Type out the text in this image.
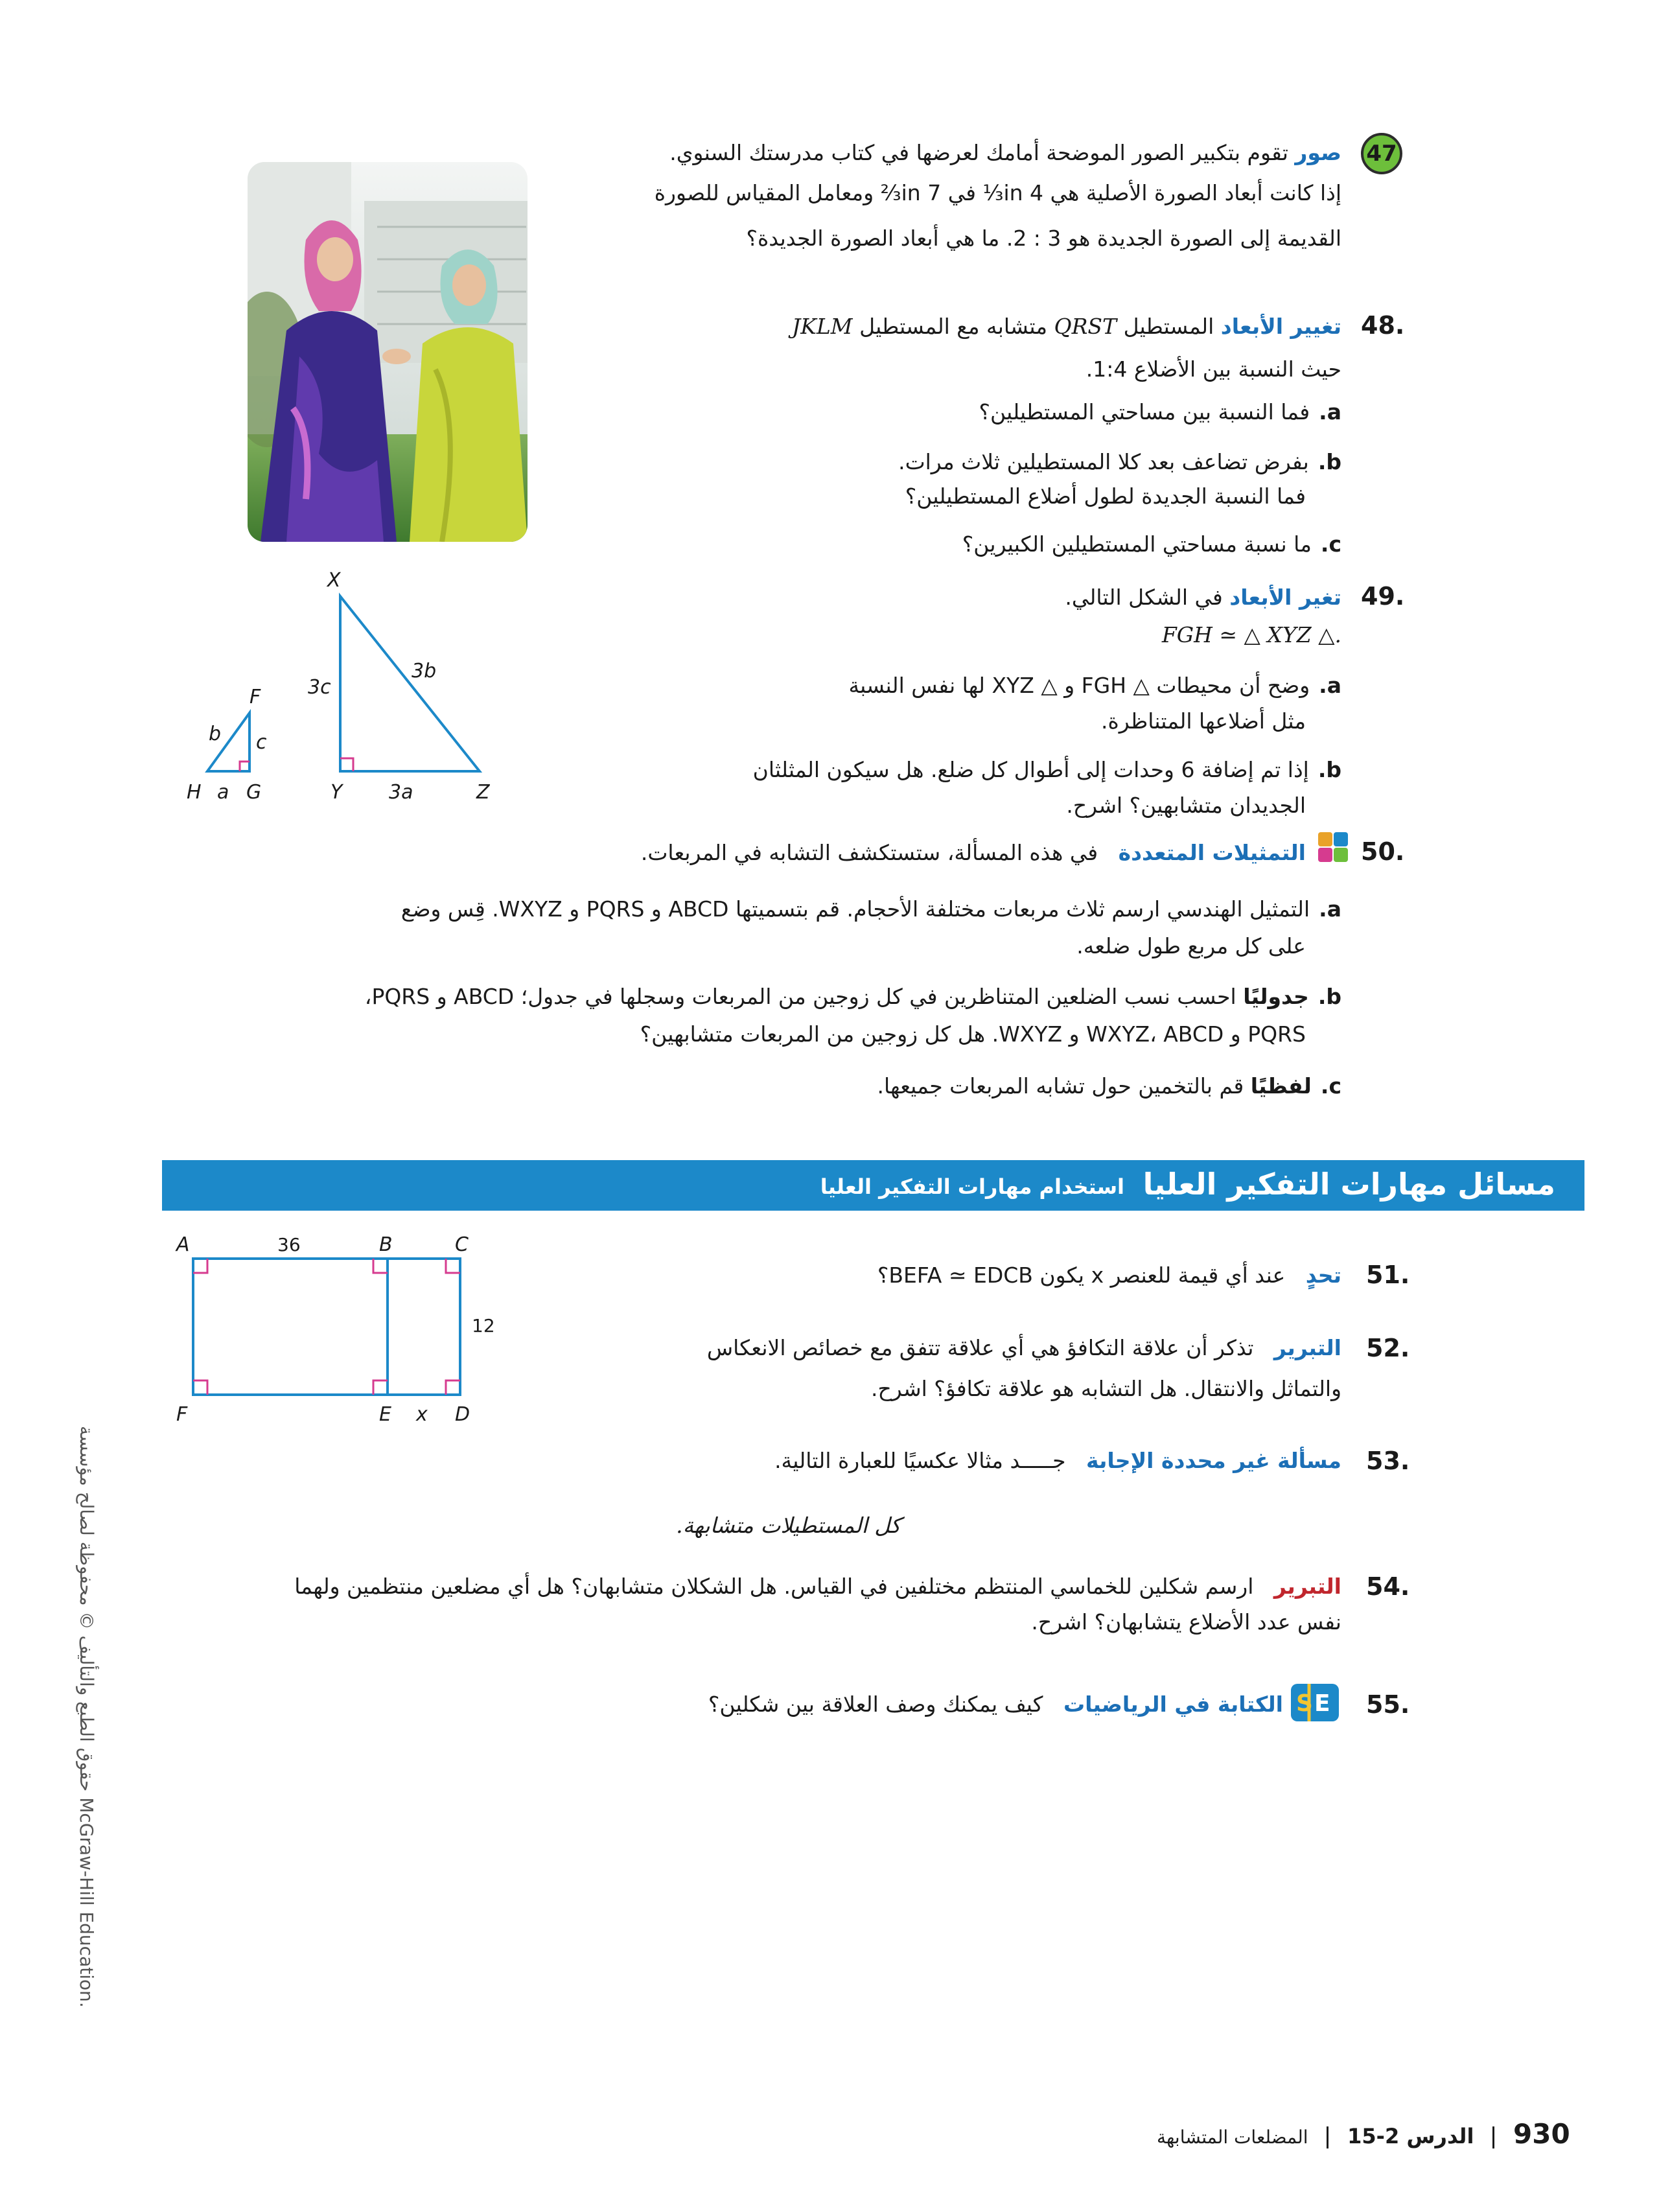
47
صور تقوم بتكبير الصور الموضحة أمامك لعرضها في كتاب مدرستك السنوي.
إذا كانت أبعاد الصورة الأصلية هي in 4⅓ في in 7⅔ ومعامل المقياس للصورة
القديمة إلى الصورة الجديدة هو 3 : 2. ما هي أبعاد الصورة الجديدة؟
48.
تغيير الأبعاد المستطيل QRST متشابه مع المستطيل JKLM
حيث النسبة بين الأضلاع 1:4.
a.فما النسبة بين مساحتي المستطيلين؟
b.بفرض تضاعف بعد كلا المستطيلين ثلاث مرات.
فما النسبة الجديدة لطول أضلاع المستطيلين؟
c.ما نسبة مساحتي المستطيلين الكبيرين؟
49.
تغير الأبعاد في الشكل التالي.
.△ FGH ≃ △ XYZ
a.وضح أن محيطات △ FGH و △ XYZ لها نفس النسبة
مثل أضلاعها المتناظرة.
b.إذا تم إضافة 6 وحدات إلى أطوال كل ضلع. هل سيكون المثلثان
الجديدان متشابهين؟ اشرح.
X
Y	Z
3c
3b
3a
F
G
H
b c
a
50.
التمثيلات المتعددة   في هذه المسألة، ستستكشف التشابه في المربعات.
a.التمثيل الهندسي ارسم ثلاث مربعات مختلفة الأحجام. قم بتسميتها ABCD و PQRS و WXYZ. قِس وضع
على كل مربع طول ضلعه.
b.جدوليًا احسب نسب الضلعين المتناظرين في كل زوجين من المربعات وسجلها في جدول؛ ABCD و PQRS،
PQRS و WXYZ، ABCD و WXYZ. هل كل زوجين من المربعات متشابهين؟
c.لفظيًا قم بالتخمين حول تشابه المربعات جميعها.
مسائل مهارات التفكير العليا
استخدام مهارات التفكير العليا
A	B	C
F	E	D
x
36
12
51.
تحدٍ   عند أي قيمة للعنصر x يكون BEFA ≃ EDCB؟
52.
التبرير   تذكر أن علاقة التكافؤ هي أي علاقة تتفق مع خصائص الانعكاس
والتماثل والانتقال. هل التشابه هو علاقة تكافؤ؟ اشرح.
53.
مسألة غير محددة الإجابة   جـــــد مثالا عكسيًا للعبارة التالية.
كل المستطيلات متشابهة.
54.
التبرير   ارسم شكلين للخماسي المنتظم مختلفين في القياس. هل الشكلان متشابهان؟ هل أي مضلعين منتظمين ولهما
نفس عدد الأضلاع يتشابهان؟ اشرح.
55.
S E
الكتابة في الرياضيات   كيف يمكنك وصف العلاقة بين شكلين؟
حقوق الطبع والتأليف © محفوظة لصالح مؤسسة McGraw-Hill Education.
المضلعات المتشابهة الدرس 2-15 930
